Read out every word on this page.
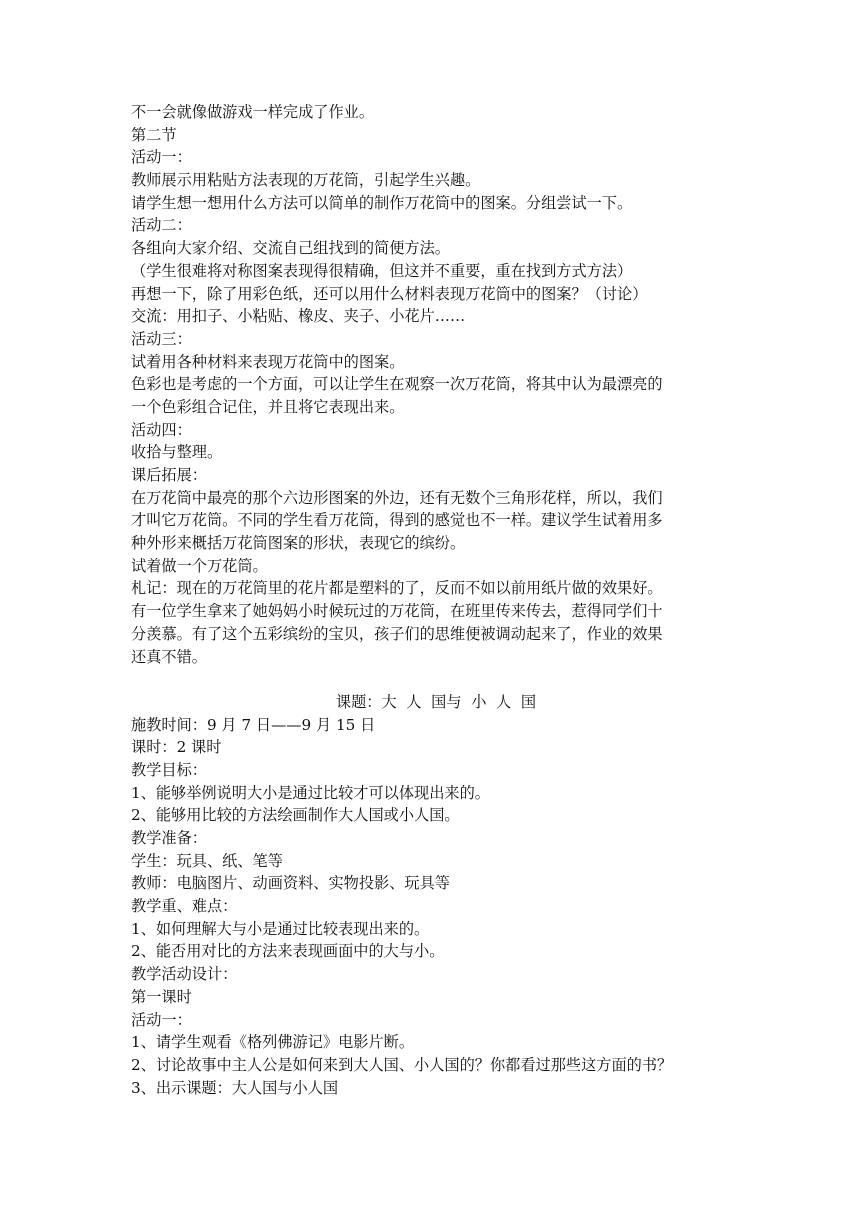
不一会就像做游戏一样完成了作业。
第二节
活动一：
教师展示用粘贴方法表现的万花筒，引起学生兴趣。
请学生想一想用什么方法可以简单的制作万花筒中的图案。分组尝试一下。
活动二：
各组向大家介绍、交流自己组找到的简便方法。
（学生很难将对称图案表现得很精确，但这并不重要，重在找到方式方法）
再想一下，除了用彩色纸，还可以用什么材料表现万花筒中的图案？（讨论）
交流：用扣子、小粘贴、橡皮、夹子、小花片……
活动三：
试着用各种材料来表现万花筒中的图案。
色彩也是考虑的一个方面，可以让学生在观察一次万花筒，将其中认为最漂亮的
一个色彩组合记住，并且将它表现出来。
活动四：
收拾与整理。
课后拓展：
在万花筒中最亮的那个六边形图案的外边，还有无数个三角形花样，所以，我们
才叫它万花筒。不同的学生看万花筒，得到的感觉也不一样。建议学生试着用多
种外形来概括万花筒图案的形状，表现它的缤纷。
试着做一个万花筒。
札记：现在的万花筒里的花片都是塑料的了，反而不如以前用纸片做的效果好。
有一位学生拿来了她妈妈小时候玩过的万花筒，在班里传来传去，惹得同学们十
分羡慕。有了这个五彩缤纷的宝贝，孩子们的思维便被调动起来了，作业的效果
还真不错。
课题：大  人  国与  小  人  国
施教时间：9 月 7 日——9 月 15 日
课时：2 课时
教学目标：
1、能够举例说明大小是通过比较才可以体现出来的。
2、能够用比较的方法绘画制作大人国或小人国。
教学准备：
学生：玩具、纸、笔等
教师：电脑图片、动画资料、实物投影、玩具等
教学重、难点：
1、如何理解大与小是通过比较表现出来的。
2、能否用对比的方法来表现画面中的大与小。
教学活动设计：
第一课时
活动一：
1、请学生观看《格列佛游记》电影片断。
2、讨论故事中主人公是如何来到大人国、小人国的？你都看过那些这方面的书？
3、出示课题：大人国与小人国
